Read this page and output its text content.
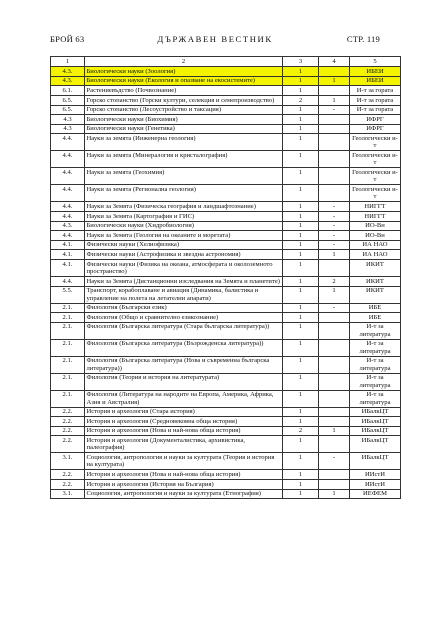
БРОЙ 63	ДЪРЖАВЕН ВЕСТНИК	СТР. 119
1	2	3	4	5
4.3.	Биологически науки (Зоология)	1		ИБЕИ
4.3.	Биологически науки (Екология и опазване на екосистемите)	1	1	ИБЕИ
6.1.	Растениевъдство (Почвознание)	1		И-т за гората
6.5.	Горско стопанство (Горски култури, селекция и семепроизводство)	2	1	И-т за гората
6.5.	Горско стопанство (Лесоустройство и таксация)	1	-	И-т за гората
4.3	Биологически науки (Биохимия)	1		ИФРГ
4.3	Биологически науки (Генетика)	1		ИФРГ
4.4.	Науки за земята (Инженерна геология)	1		Геологически и-т
4.4.	Науки за земята (Минералогия и кристалография)	1		Геологически и-т
4.4.	Науки за земята (Геохимия)	1		Геологически и-т
4.4.	Науки за земята (Регионална геология)	1		Геологически и-т
4.4.	Науки за Земята (Физическа география и ландшафтознание)	1	-	НИГГТ
4.4.	Науки за Земята (Картография и ГИС)	1	-	НИГГТ
4.3.	Биологически науки (Хидробиология)	1	-	ИО-Вн
4.4.	Науки за Земята (Геология на океаните и моретата)	1	-	ИО-Вн
4.1.	Физически науки (Хелиофизика)	1	-	ИА НАО
4.1.	Физически науки (Астрофизика и звездна астрономия)	1	1	ИА НАО
4.1.	Физически науки (Физика на океана, атмосферата и околоземното пространство)	1		ИКИТ
4.4.	Науки за Земята (Дистанционни изследвания на Земята и планетите)	1	2	ИКИТ
5.5.	Транспорт, корабоплаване и авиация (Динамика, балистика и управление на полета на летателни апарати)	1	1	ИКИТ
2.1.	Филология (Български език)	1	-	ИБЕ
2.1.	Филология (Общо и сравнително езикознание)	1		ИБЕ
2.1.	Филология (Българска литература (Стара българска литература))	1		И-т за литература
2.1.	Филология (Българска литература (Възрожденска литература))	1		И-т за литература
2.1.	Филология (Българска литература (Нова и съвременна българска литература))	1		И-т за литература
2.1.	Филология (Теория и история на литературата)	1		И-т за литература
2.1.	Филология (Литература на народите на Европа, Америка, Африка, Азия и Австралия)	1		И-т за литература
2.2.	История и археология (Стара история)	1		ИБалкЦТ
2.2.	История и археология (Средновековна обща история)	1		ИБалкЦТ
2.2.	История и археология (Нова и най-нова обща история)	2	1	ИБалкЦТ
2.2.	История и археология (Документалистика, архивистика, палеография)	1		ИБалкЦТ
3.1.	Социология, антропология и науки за културата (Теория и история на културата)	1	-	ИБалкЦТ
2.2.	История и археология (Нова и най-нова обща история)	1		ИИстИ
2.2.	История и археология (История на България)	1		ИИстИ
3.1.	Социология, антропология и науки за културата (Етнография)	1	1	ИЕФЕМ
